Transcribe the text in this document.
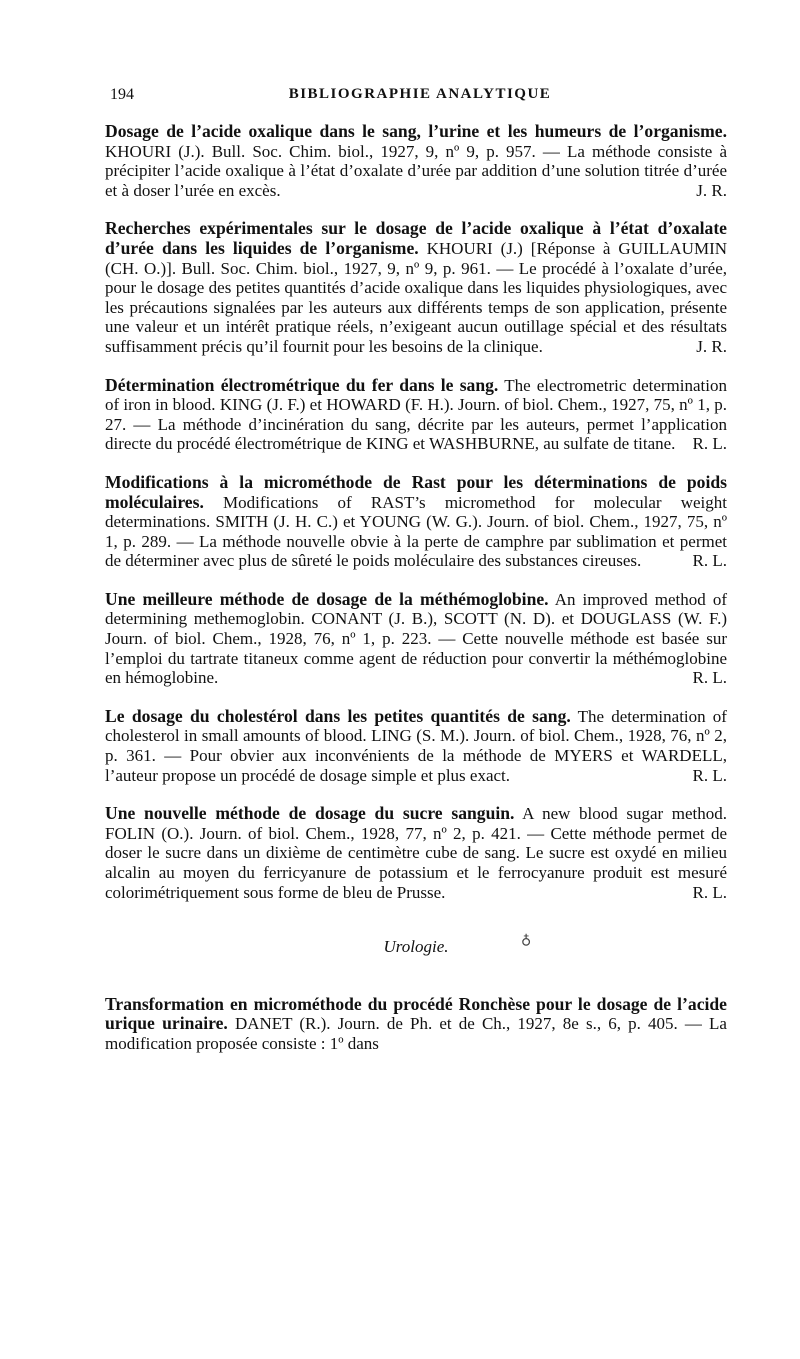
194	BIBLIOGRAPHIE ANALYTIQUE
Dosage de l’acide oxalique dans le sang, l’urine et les humeurs de l’organisme. KHOURI (J.). Bull. Soc. Chim. biol., 1927, 9, nº 9, p. 957. — La méthode consiste à précipiter l’acide oxalique à l’état d’oxalate d’urée par addition d’une solution titrée d’urée et à doser l’urée en excès.	J. R.
Recherches expérimentales sur le dosage de l’acide oxalique à l’état d’oxalate d’urée dans les liquides de l’organisme. KHOURI (J.) [Réponse à GUILLAUMIN (CH. O.)]. Bull. Soc. Chim. biol., 1927, 9, nº 9, p. 961. — Le procédé à l’oxalate d’urée, pour le dosage des petites quantités d’acide oxalique dans les liquides physiologiques, avec les précautions signalées par les auteurs aux différents temps de son application, présente une valeur et un intérêt pratique réels, n’exigeant aucun outillage spécial et des résultats suffisamment précis qu’il fournit pour les besoins de la clinique.	J. R.
Détermination électrométrique du fer dans le sang. The electrometric determination of iron in blood. KING (J. F.) et HOWARD (F. H.). Journ. of biol. Chem., 1927, 75, nº 1, p. 27. — La méthode d’incinération du sang, décrite par les auteurs, permet l’application directe du procédé électrométrique de KING et WASHBURNE, au sulfate de titane. R. L.
Modifications à la microméthode de Rast pour les déterminations de poids moléculaires. Modifications of RAST’s micromethod for molecular weight determinations. SMITH (J. H. C.) et YOUNG (W. G.). Journ. of biol. Chem., 1927, 75, nº 1, p. 289. — La méthode nouvelle obvie à la perte de camphre par sublimation et permet de déterminer avec plus de sûreté le poids moléculaire des substances cireuses.	R. L.
Une meilleure méthode de dosage de la méthémoglobine. An improved method of determining methemoglobin. CONANT (J. B.), SCOTT (N. D). et DOUGLASS (W. F.) Journ. of biol. Chem., 1928, 76, nº 1, p. 223. — Cette nouvelle méthode est basée sur l’emploi du tartrate titaneux comme agent de réduction pour convertir la méthémoglobine en hémoglobine.	R. L.
Le dosage du cholestérol dans les petites quantités de sang. The determination of cholesterol in small amounts of blood. LING (S. M.). Journ. of biol. Chem., 1928, 76, nº 2, p. 361. — Pour obvier aux inconvénients de la méthode de MYERS et WARDELL, l’auteur propose un procédé de dosage simple et plus exact.	R. L.
Une nouvelle méthode de dosage du sucre sanguin. A new blood sugar method. FOLIN (O.). Journ. of biol. Chem., 1928, 77, nº 2, p. 421. — Cette méthode permet de doser le sucre dans un dixième de centimètre cube de sang. Le sucre est oxydé en milieu alcalin au moyen du ferricyanure de potassium et le ferrocyanure produit est mesuré colorimétriquement sous forme de bleu de Prusse.	R. L.
Urologie.	♁
Transformation en microméthode du procédé Ronchèse pour le dosage de l’acide urique urinaire. DANET (R.). Journ. de Ph. et de Ch., 1927, 8e s., 6, p. 405. — La modification proposée consiste : 1º dans
